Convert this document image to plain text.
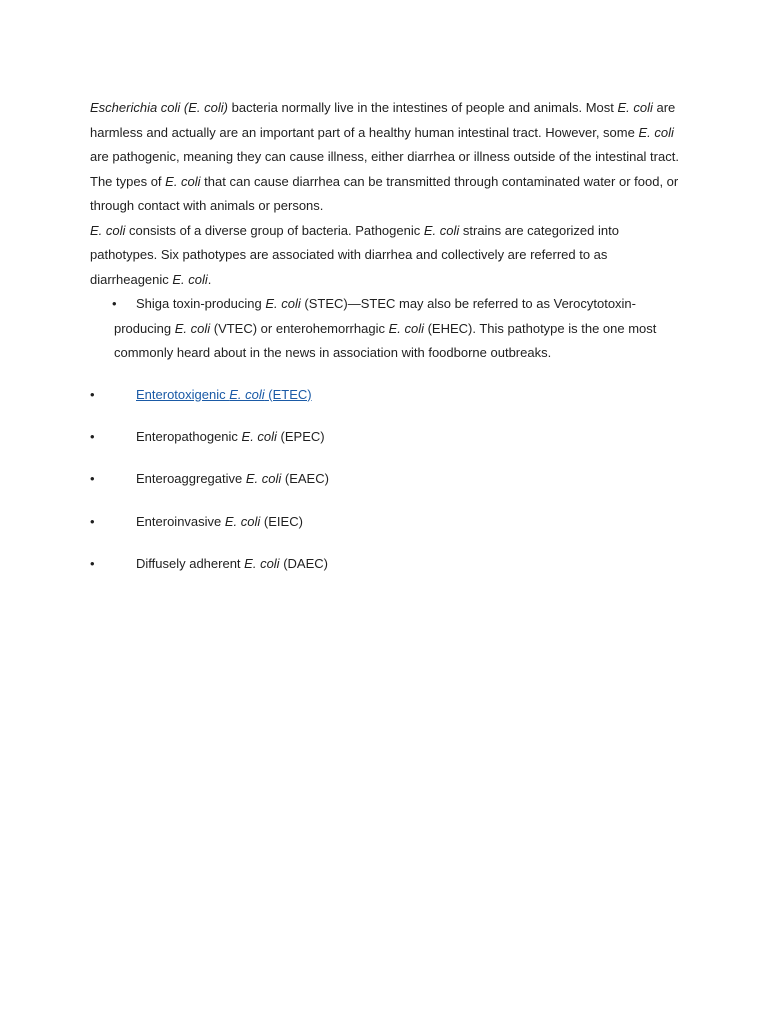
Escherichia coli (E. coli) bacteria normally live in the intestines of people and animals. Most E. coli are harmless and actually are an important part of a healthy human intestinal tract. However, some E. coli are pathogenic, meaning they can cause illness, either diarrhea or illness outside of the intestinal tract. The types of E. coli that can cause diarrhea can be transmitted through contaminated water or food, or through contact with animals or persons.

E. coli consists of a diverse group of bacteria. Pathogenic E. coli strains are categorized into pathotypes. Six pathotypes are associated with diarrhea and collectively are referred to as diarrheagenic E. coli.

• Shiga toxin-producing E. coli (STEC)—STEC may also be referred to as Verocytotoxin-producing E. coli (VTEC) or enterohemorrhagic E. coli (EHEC). This pathotype is the one most commonly heard about in the news in association with foodborne outbreaks.
•	Enterotoxigenic E. coli (ETEC)
•	Enteropathogenic E. coli (EPEC)
•	Enteroaggregative E. coli (EAEC)
•	Enteroinvasive E. coli (EIEC)
•	Diffusely adherent E. coli (DAEC)
